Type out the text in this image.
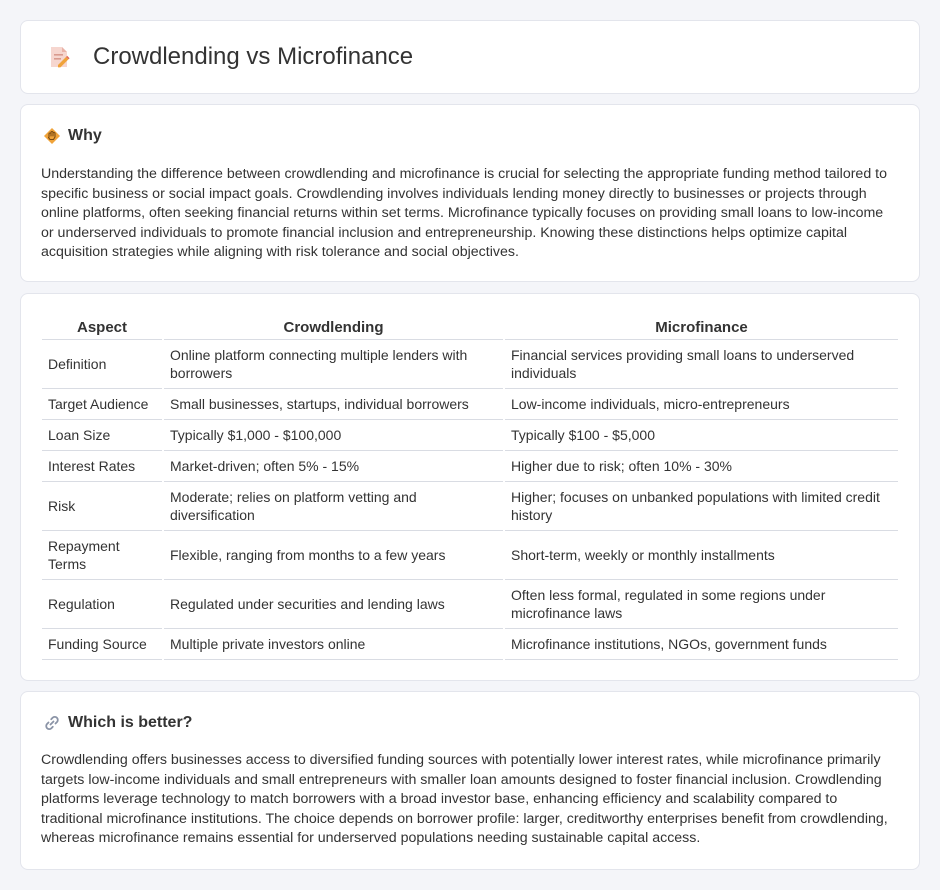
Crowdlending vs Microfinance
Why

Understanding the difference between crowdlending and microfinance is crucial for selecting the appropriate funding method tailored to specific business or social impact goals. Crowdlending involves individuals lending money directly to businesses or projects through online platforms, often seeking financial returns within set terms. Microfinance typically focuses on providing small loans to low-income or underserved individuals to promote financial inclusion and entrepreneurship. Knowing these distinctions helps optimize capital acquisition strategies while aligning with risk tolerance and social objectives.

Aspect	Crowdlending	Microfinance
Definition	Online platform connecting multiple lenders with borrowers	Financial services providing small loans to underserved individuals
Target Audience	Small businesses, startups, individual borrowers	Low-income individuals, micro-entrepreneurs
Loan Size	Typically $1,000 - $100,000	Typically $100 - $5,000
Interest Rates	Market-driven; often 5% - 15%	Higher due to risk; often 10% - 30%
Risk	Moderate; relies on platform vetting and diversification	Higher; focuses on unbanked populations with limited credit history
Repayment Terms	Flexible, ranging from months to a few years	Short-term, weekly or monthly installments
Regulation	Regulated under securities and lending laws	Often less formal, regulated in some regions under microfinance laws
Funding Source	Multiple private investors online	Microfinance institutions, NGOs, government funds
Which is better?

Crowdlending offers businesses access to diversified funding sources with potentially lower interest rates, while microfinance primarily targets low-income individuals and small entrepreneurs with smaller loan amounts designed to foster financial inclusion. Crowdlending platforms leverage technology to match borrowers with a broad investor base, enhancing efficiency and scalability compared to traditional microfinance institutions. The choice depends on borrower profile: larger, creditworthy enterprises benefit from crowdlending, whereas microfinance remains essential for underserved populations needing sustainable capital access.
